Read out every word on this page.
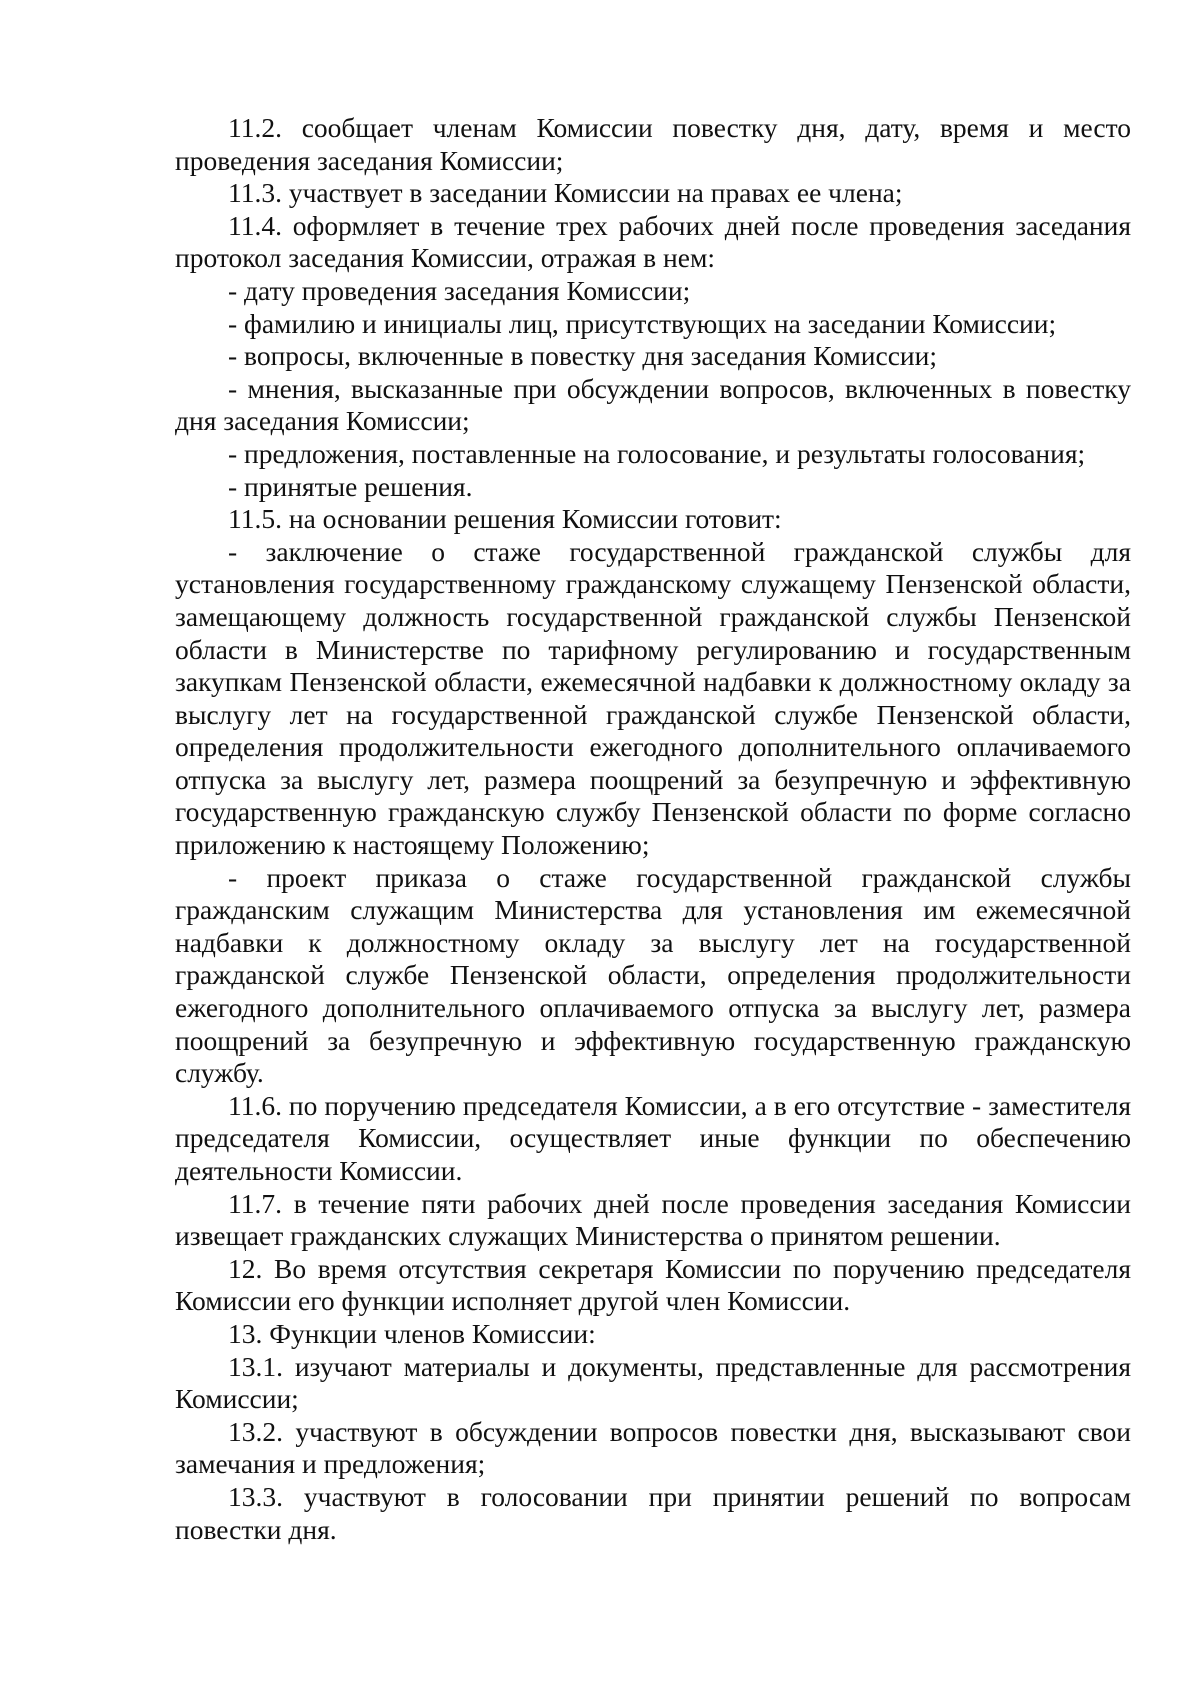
11.2. сообщает членам Комиссии повестку дня, дату, время и место проведения заседания Комиссии;

11.3. участвует в заседании Комиссии на правах ее члена;

11.4. оформляет в течение трех рабочих дней после проведения заседания протокол заседания Комиссии, отражая в нем:

- дату проведения заседания Комиссии;

- фамилию и инициалы лиц, присутствующих на заседании Комиссии;

- вопросы, включенные в повестку дня заседания Комиссии;

- мнения, высказанные при обсуждении вопросов, включенных в повестку дня заседания Комиссии;

- предложения, поставленные на голосование, и результаты голосования;

- принятые решения.

11.5. на основании решения Комиссии готовит:

- заключение о стаже государственной гражданской службы для установления государственному гражданскому служащему Пензенской области, замещающему должность государственной гражданской службы Пензенской области в Министерстве по тарифному регулированию и государственным закупкам Пензенской области, ежемесячной надбавки к должностному окладу за выслугу лет на государственной гражданской службе Пензенской области, определения продолжительности ежегодного дополнительного оплачиваемого отпуска за выслугу лет, размера поощрений за безупречную и эффективную государственную гражданскую службу Пензенской области по форме согласно приложению к настоящему Положению;

- проект приказа о стаже государственной гражданской службы гражданским служащим Министерства для установления им ежемесячной надбавки к должностному окладу за выслугу лет на государственной гражданской службе Пензенской области, определения продолжительности ежегодного дополнительного оплачиваемого отпуска за выслугу лет, размера поощрений за безупречную и эффективную государственную гражданскую службу.

11.6. по поручению председателя Комиссии, а в его отсутствие - заместителя председателя Комиссии, осуществляет иные функции по обеспечению деятельности Комиссии.

11.7. в течение пяти рабочих дней после проведения заседания Комиссии извещает гражданских служащих Министерства о принятом решении.

12. Во время отсутствия секретаря Комиссии по поручению председателя Комиссии его функции исполняет другой член Комиссии.

13. Функции членов Комиссии:

13.1. изучают материалы и документы, представленные для рассмотрения Комиссии;

13.2. участвуют в обсуждении вопросов повестки дня, высказывают свои замечания и предложения;

13.3. участвуют в голосовании при принятии решений по вопросам повестки дня.
